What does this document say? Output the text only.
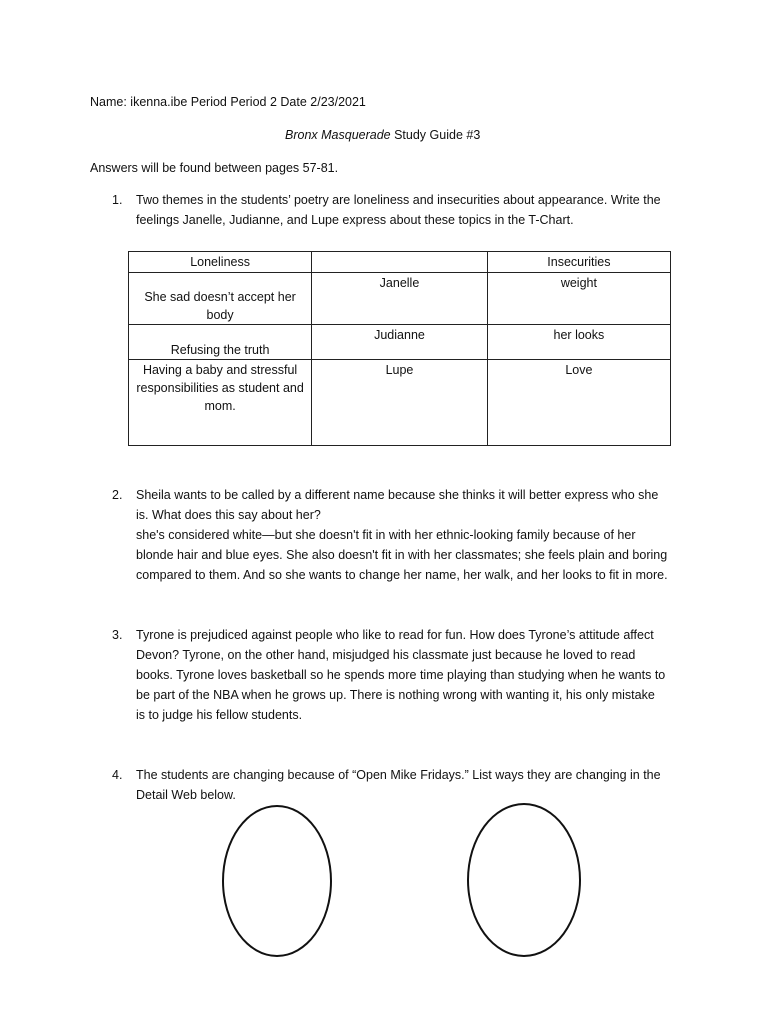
Name: ikenna.ibe Period Period 2 Date 2/23/2021
Bronx Masquerade Study Guide #3
Answers will be found between pages 57-81.
1.	Two themes in the students’ poetry are loneliness and insecurities about appearance. Write the
feelings Janelle, Judianne, and Lupe express about these topics in the T-Chart.
Loneliness		Insecurities
She sad doesn’t accept her body	Janelle	weight
Refusing the truth	Judianne	her looks
Having a baby and stressful responsibilities as student and mom.	Lupe	Love
2.	Sheila wants to be called by a different name because she thinks it will better express who she
is. What does this say about her?
she's considered white—but she doesn't fit in with her ethnic-looking family because of her
blonde hair and blue eyes. She also doesn't fit in with her classmates; she feels plain and boring
compared to them. And so she wants to change her name, her walk, and her looks to fit in more.
3.	Tyrone is prejudiced against people who like to read for fun. How does Tyrone’s attitude affect
Devon? Tyrone, on the other hand, misjudged his classmate just because he loved to read
books. Tyrone loves basketball so he spends more time playing than studying when he wants to
be part of the NBA when he grows up. There is nothing wrong with wanting it, his only mistake
is to judge his fellow students.
4.	The students are changing because of “Open Mike Fridays.” List ways they are changing in the
Detail Web below.
